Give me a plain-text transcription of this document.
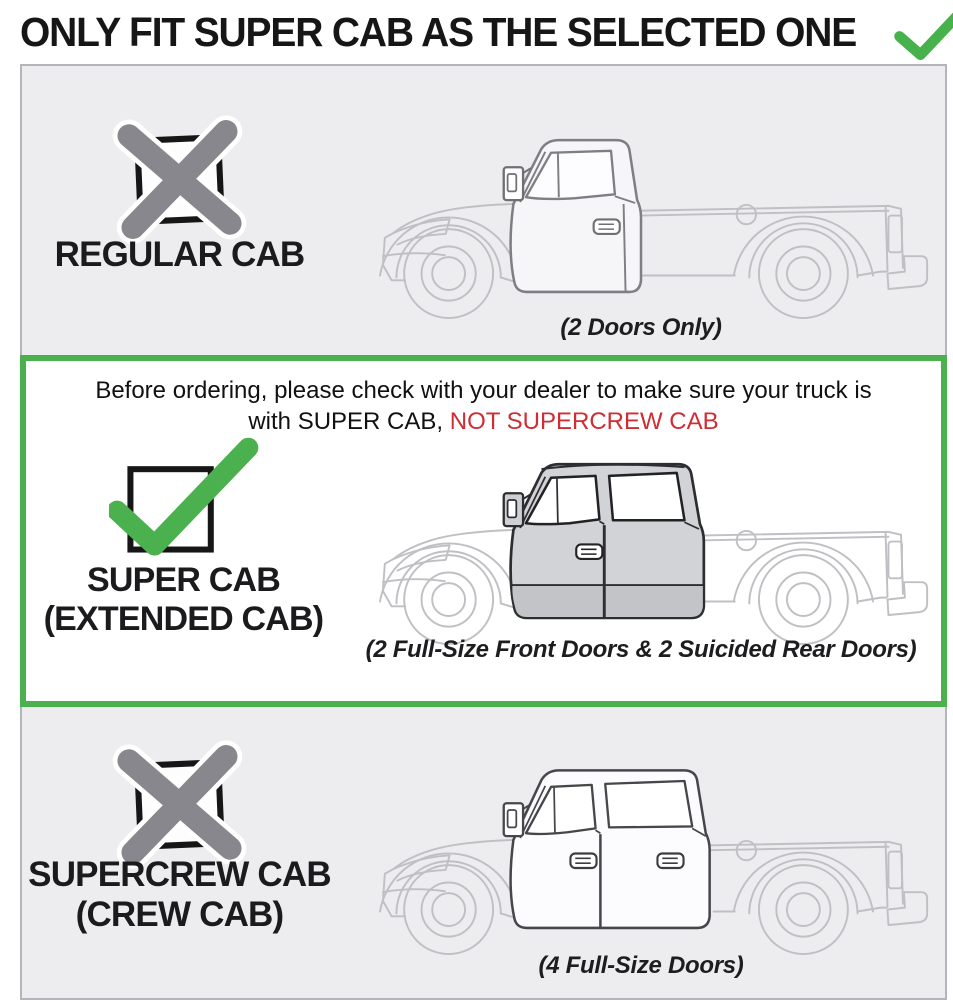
ONLY FIT SUPER CAB AS THE SELECTED ONE
REGULAR CAB
(2 Doors Only)

Before ordering, please check with your dealer to make sure your truck is
with SUPER CAB, NOT SUPERCREW CAB

SUPER CAB
(EXTENDED CAB)
(2 Full-Size Front Doors & 2 Suicided Rear Doors)
SUPERCREW CAB
(CREW CAB)
(4 Full-Size Doors)
